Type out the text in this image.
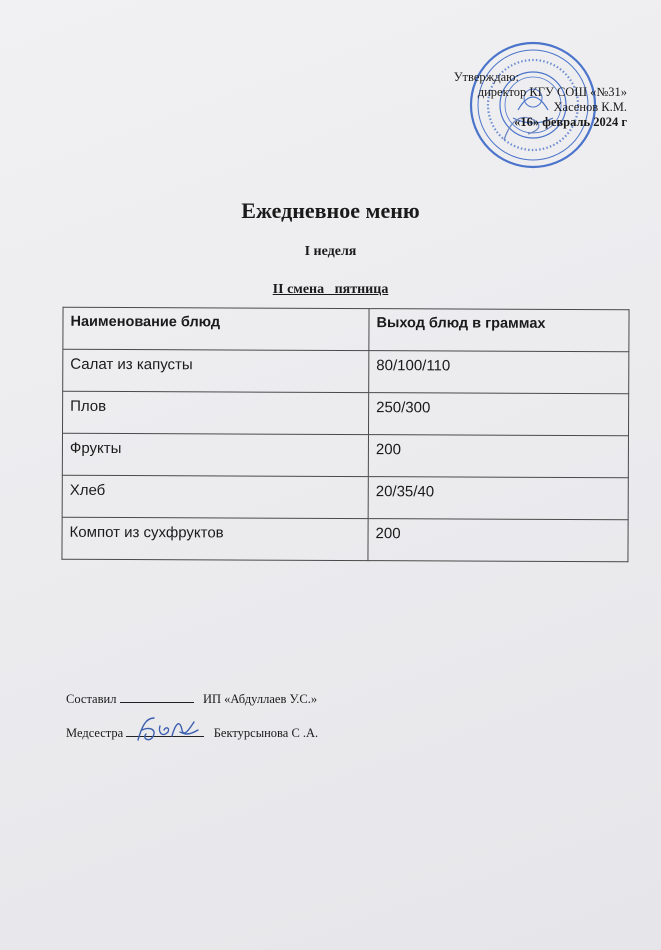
Утверждаю:
директор КГУ СОШ «№31»
Хасенов К.М.
«16» февраль 2024 г
Ежедневное меню
I неделя
II смена   пятница
Наименование блюд	Выход блюд в граммах
Салат из капусты	80/100/110
Плов	250/300
Фрукты	200
Хлеб	20/35/40
Компот из сухфруктов	200
Составил	ИП «Абдуллаев У.С.»
Медсестра	Бектурсынова С .А.
